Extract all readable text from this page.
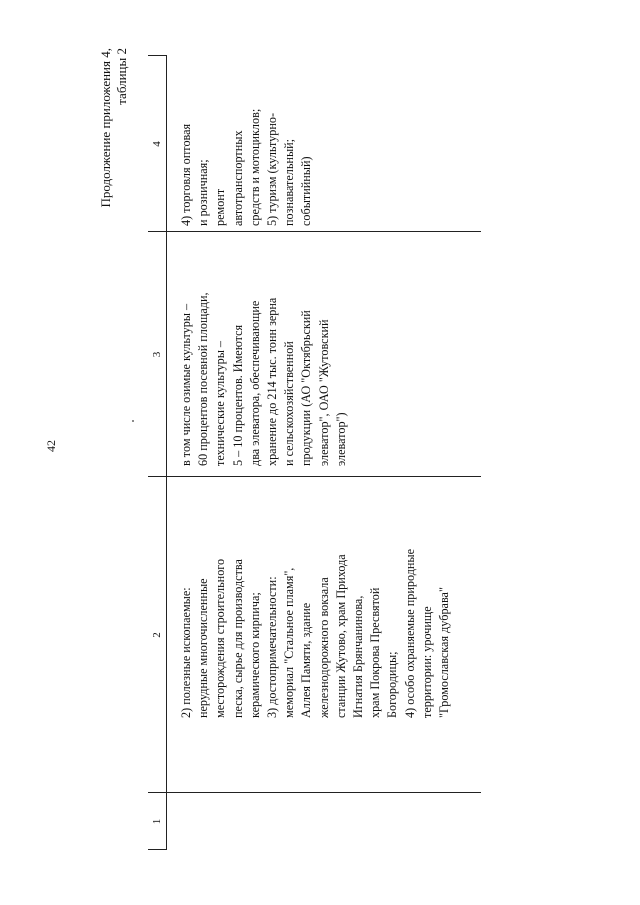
42
Продолжение приложения 4, таблицы 2
1
2
3
4
2) полезные ископаемые: нерудные многочисленные месторождения строительного песка, сырье для производства керамического кирпича; 3) достопримечательности: мемориал "Стальное пламя", Аллея Памяти, здание железнодорожного вокзала станции Жутово, храм Прихода Игнатия Брянчанинова, храм Покрова Пресвятой Богородицы; 4) особо охраняемые природные территории: урочище "Громославская дубрава"
в том числе озимые культуры – 60 процентов посевной площади, технические культуры – 5 – 10 процентов. Имеются два элеватора, обеспечивающие хранение до 214 тыс. тонн зерна и сельскохозяйственной продукции (АО "Октябрьский элеватор", ОАО "Жутовский элеватор")
4) торговля оптовая и розничная; ремонт автотранспортных средств и мотоциклов; 5) туризм (культурно- познавательный; событийный)
